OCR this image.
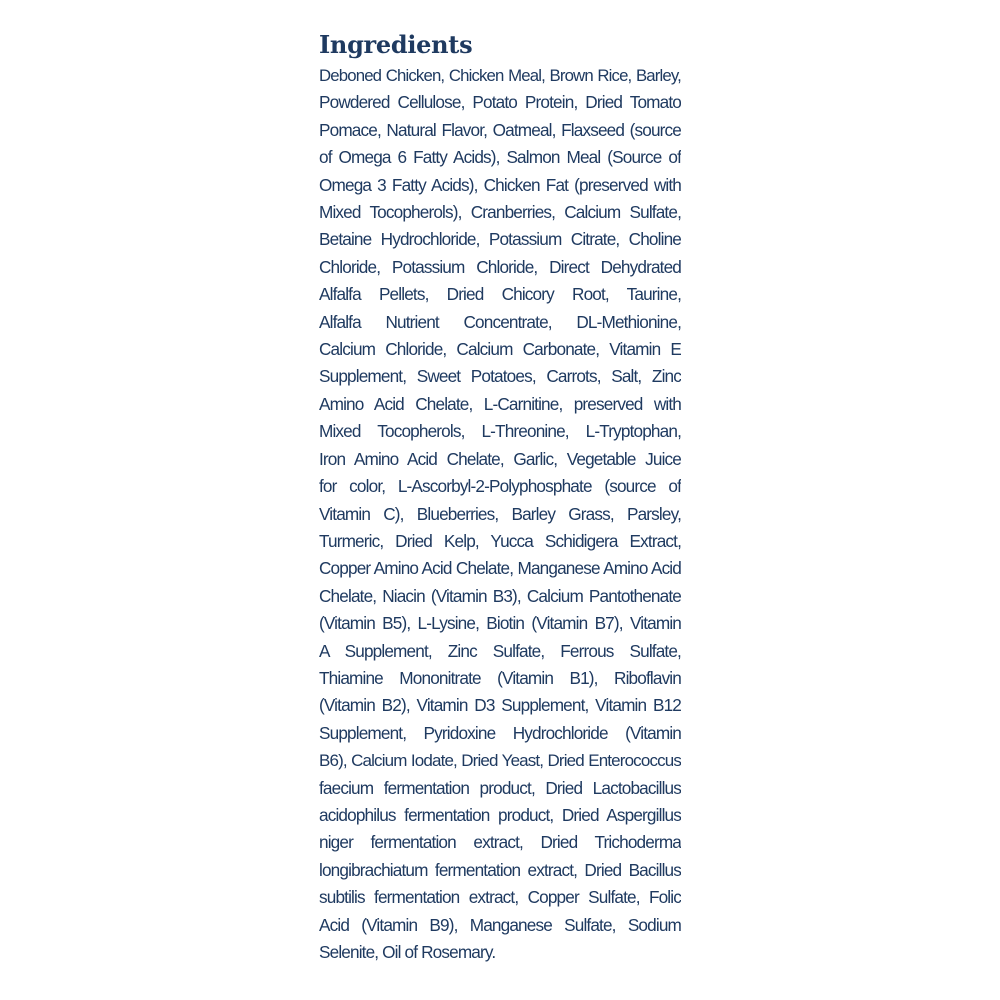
Ingredients
Deboned Chicken, Chicken Meal, Brown Rice, Barley,
Powdered Cellulose, Potato Protein, Dried Tomato
Pomace, Natural Flavor, Oatmeal, Flaxseed (source
of Omega 6 Fatty Acids), Salmon Meal (Source of
Omega 3 Fatty Acids), Chicken Fat (preserved with
Mixed Tocopherols), Cranberries, Calcium Sulfate,
Betaine Hydrochloride, Potassium Citrate, Choline
Chloride, Potassium Chloride, Direct Dehydrated
Alfalfa Pellets, Dried Chicory Root, Taurine,
Alfalfa Nutrient Concentrate, DL-Methionine,
Calcium Chloride, Calcium Carbonate, Vitamin E
Supplement, Sweet Potatoes, Carrots, Salt, Zinc
Amino Acid Chelate, L-Carnitine, preserved with
Mixed Tocopherols, L-Threonine, L-Tryptophan,
Iron Amino Acid Chelate, Garlic, Vegetable Juice
for color, L-Ascorbyl-2-Polyphosphate (source of
Vitamin C), Blueberries, Barley Grass, Parsley,
Turmeric, Dried Kelp, Yucca Schidigera Extract,
Copper Amino Acid Chelate, Manganese Amino Acid
Chelate, Niacin (Vitamin B3), Calcium Pantothenate
(Vitamin B5), L-Lysine, Biotin (Vitamin B7), Vitamin
A Supplement, Zinc Sulfate, Ferrous Sulfate,
Thiamine Mononitrate (Vitamin B1), Riboflavin
(Vitamin B2), Vitamin D3 Supplement, Vitamin B12
Supplement, Pyridoxine Hydrochloride (Vitamin
B6), Calcium Iodate, Dried Yeast, Dried Enterococcus
faecium fermentation product, Dried Lactobacillus
acidophilus fermentation product, Dried Aspergillus
niger fermentation extract, Dried Trichoderma
longibrachiatum fermentation extract, Dried Bacillus
subtilis fermentation extract, Copper Sulfate, Folic
Acid (Vitamin B9), Manganese Sulfate, Sodium
Selenite, Oil of Rosemary.
